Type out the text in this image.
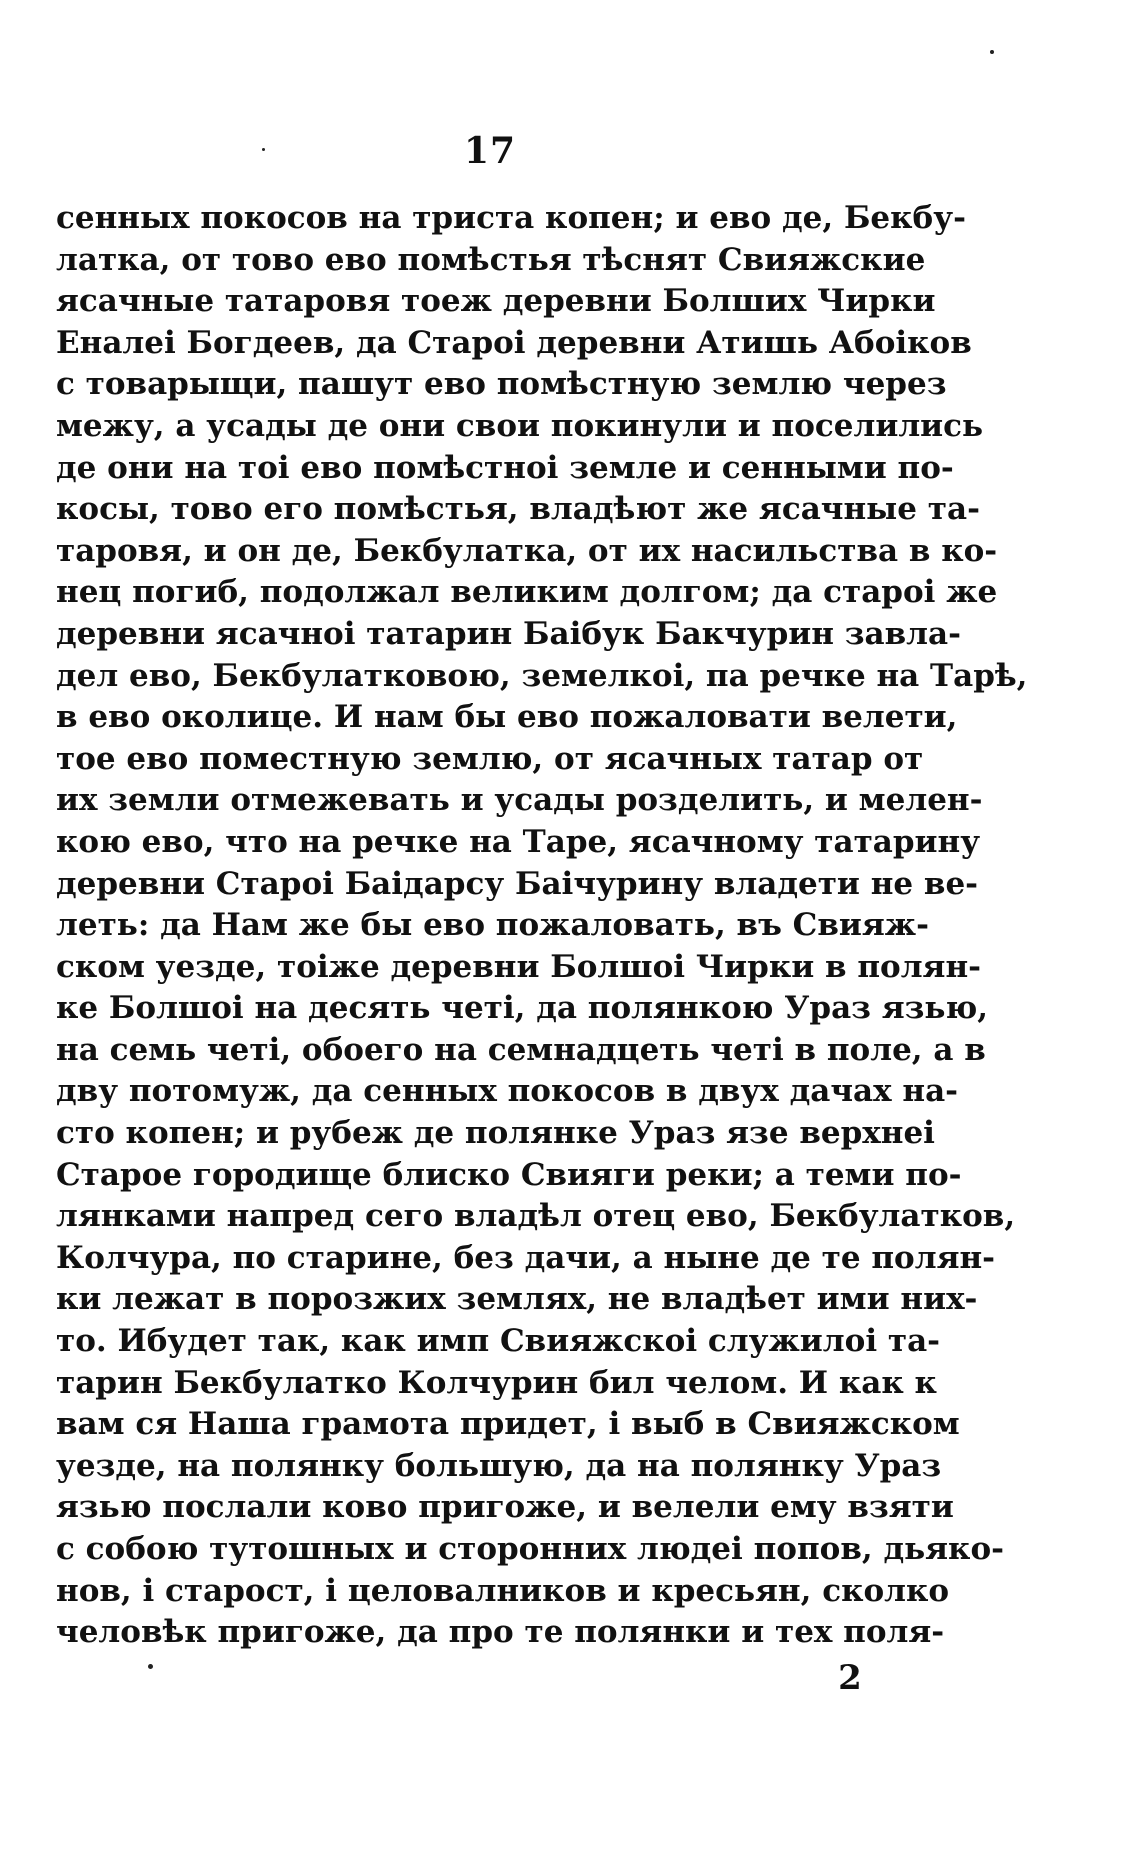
17
сенных покосов на триста копен; и ево де, Бекбу-
латка, от тово ево помѣстья тѣснят Свияжские
ясачные татаровя тоеж деревни Болших Чирки
Еналеі Богдеев, да Староі деревни Атишь Абоіков
с товарыщи, пашут ево помѣстную землю через
межу, а усады де они свои покинули и поселились
де они на тоі ево помѣстноі земле и сенными по-
косы, тово его помѣстья, владѣют же ясачные та-
таровя, и он де, Бекбулатка, от их насильства в ко-
нец погиб, подолжал великим долгом; да староі же
деревни ясачноі татарин Баібук Бакчурин завла-
дел ево, Бекбулатковою, земелкоі, па речке на Тарѣ,
в ево околице. И нам бы ево пожаловати велети,
тое ево поместную землю, от ясачных татар от
их земли отмежевать и усады розделить, и мелен-
кою ево, что на речке на Таре, ясачному татарину
деревни Староі Баідарсу Баічурину владети не ве-
леть: да Нам же бы ево пожаловать, въ Свияж-
ском уезде, тоіже деревни Болшоі Чирки в полян-
ке Болшоі на десять четі, да полянкою Ураз язью,
на семь четі, обоего на семнадцеть четі в поле, а в
дву потомуж, да сенных покосов в двух дачах на-
сто копен; и рубеж де полянке Ураз язе верхнеі
Старое городище блиско Свияги реки; а теми по-
лянками напред сего владѣл отец ево, Бекбулатков,
Колчура, по старине, без дачи, а ныне де те полян-
ки лежат в порозжих землях, не владѣет ими них-
то. Ибудет так, как имп Свияжскоі служилоі та-
тарин Бекбулатко Колчурин бил челом. И как к
вам ся Наша грамота придет, і выб в Свияжском
уезде, на полянку большую, да на полянку Ураз
язью послали ково пригоже, и велели ему взяти
с собою тутошных и сторонних людеі попов, дьяко-
нов, і старост, і целовалников и кресьян, сколко
человѣк пригоже, да про те полянки и тех поля-
2
